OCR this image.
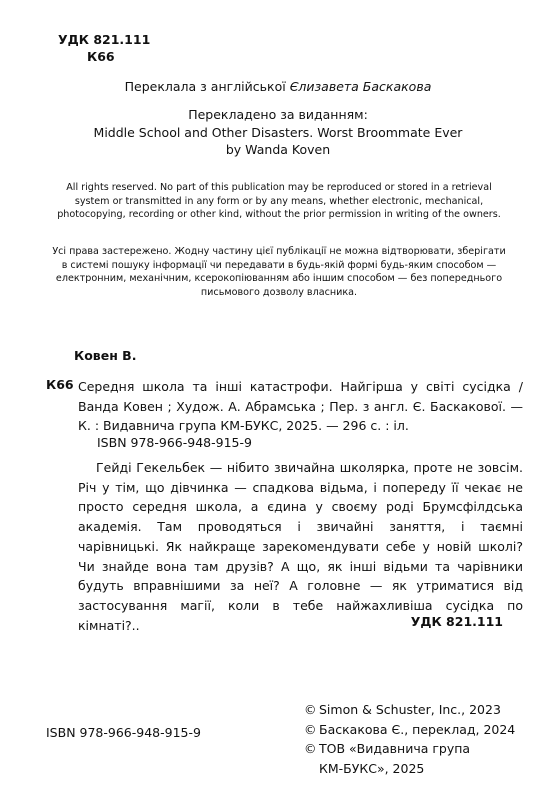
УДК 821.111
К66
Переклала з англійської Єлизавета Баскакова
Перекладено за виданням:
Middle School and Other Disasters. Worst Broommate Ever
by Wanda Koven
All rights reserved. No part of this publication may be reproduced or stored in a retrieval system or transmitted in any form or by any means, whether electronic, mechanical, photocopying, recording or other kind, without the prior permission in writing of the owners.
Усі права застережено. Жодну частину цієї публікації не можна відтворювати, зберігати в системі пошуку інформації чи передавати в будь-якій формі будь-яким способом — електронним, механічним, ксерокопіюванням або іншим способом — без попереднього письмового дозволу власника.
Ковен В.
К66 Середня школа та інші катастрофи. Найгірша у світі сусідка / Ванда Ковен ; Худож. А. Абрамська ; Пер. з англ. Є. Баскакової. — К. : Видавнича група КМ-БУКС, 2025. — 296 с. : іл.
ISBN 978-966-948-915-9
Гейді Гекельбек — нібито звичайна школярка, проте не зовсім. Річ у тім, що дівчинка — спадкова відьма, і попереду її чекає не просто середня школа, а єдина у своєму роді Брумсфілдська академія. Там проводяться і звичайні заняття, і таємні чарівницькі. Як найкраще зарекомендувати себе у новій школі? Чи знайде вона там друзів? А що, як інші відьми та чарівники будуть вправнішими за неї? А головне — як утриматися від застосування магії, коли в тебе найжахливіша сусідка по кімнаті?..	УДК 821.111
ISBN 978-966-948-915-9
© Simon & Schuster, Inc., 2023
© Баскакова Є., переклад, 2024
© ТОВ «Видавнича група
КМ-БУКС», 2025
